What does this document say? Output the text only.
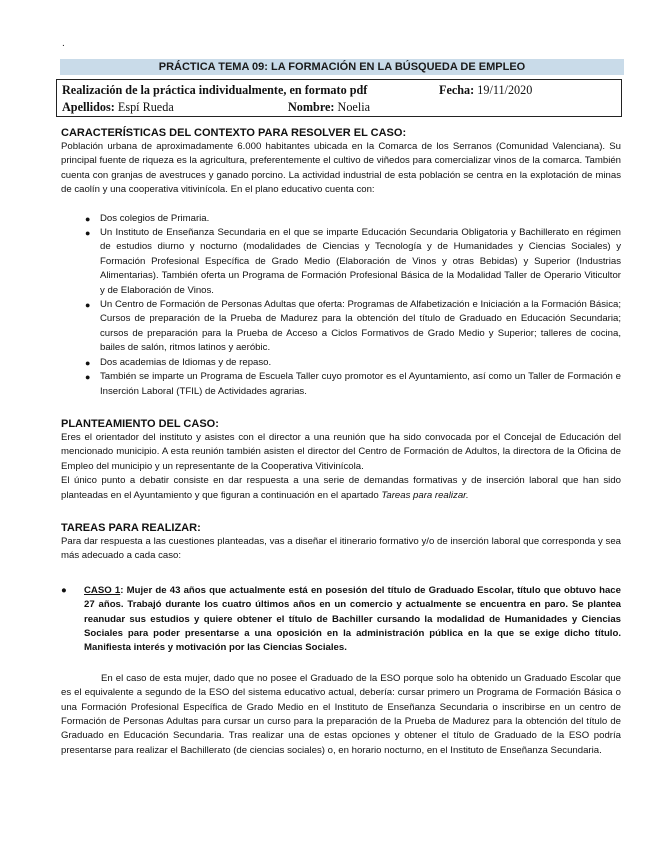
.
PRÁCTICA TEMA 09: LA FORMACIÓN EN LA BÚSQUEDA DE EMPLEO
Realización de la práctica individualmente, en formato pdf	Fecha: 19/11/2020
Apellidos: Espí Rueda	Nombre: Noelia
CARACTERÍSTICAS DEL CONTEXTO PARA RESOLVER EL CASO:

Población urbana de aproximadamente 6.000 habitantes ubicada en la Comarca de los Serranos (Comunidad Valenciana). Su principal fuente de riqueza es la agricultura, preferentemente el cultivo de viñedos para comercializar vinos de la comarca. También cuenta con granjas de avestruces y ganado porcino. La actividad industrial de esta población se centra en la explotación de minas de caolín y una cooperativa vitivinícola. En el plano educativo cuenta con:

● Dos colegios de Primaria.
● Un Instituto de Enseñanza Secundaria en el que se imparte Educación Secundaria Obligatoria y Bachillerato en régimen de estudios diurno y nocturno (modalidades de Ciencias y Tecnología y de Humanidades y Ciencias Sociales) y Formación Profesional Específica de Grado Medio (Elaboración de Vinos y otras Bebidas) y Superior (Industrias Alimentarias). También oferta un Programa de Formación Profesional Básica de la Modalidad Taller de Operario Viticultor y de Elaboración de Vinos.
● Un Centro de Formación de Personas Adultas que oferta: Programas de Alfabetización e Iniciación a la Formación Básica; Cursos de preparación de la Prueba de Madurez para la obtención del título de Graduado en Educación Secundaria; cursos de preparación para la Prueba de Acceso a Ciclos Formativos de Grado Medio y Superior; talleres de cocina, bailes de salón, ritmos latinos y aeróbic.
● Dos academias de Idiomas y de repaso.
● También se imparte un Programa de Escuela Taller cuyo promotor es el Ayuntamiento, así como un Taller de Formación e Inserción Laboral (TFIL) de Actividades agrarias.
PLANTEAMIENTO DEL CASO:

Eres el orientador del instituto y asistes con el director a una reunión que ha sido convocada por el Concejal de Educación del mencionado municipio. A esta reunión también asisten el director del Centro de Formación de Adultos, la directora de la Oficina de Empleo del municipio y un representante de la Cooperativa Vitivinícola.

El único punto a debatir consiste en dar respuesta a una serie de demandas formativas y de inserción laboral que han sido planteadas en el Ayuntamiento y que figuran a continuación en el apartado Tareas para realizar.

TAREAS PARA REALIZAR:

Para dar respuesta a las cuestiones planteadas, vas a diseñar el itinerario formativo y/o de inserción laboral que corresponda y sea más adecuado a cada caso:

● CASO 1: Mujer de 43 años que actualmente está en posesión del título de Graduado Escolar, título que obtuvo hace 27 años. Trabajó durante los cuatro últimos años en un comercio y actualmente se encuentra en paro. Se plantea reanudar sus estudios y quiere obtener el título de Bachiller cursando la modalidad de Humanidades y Ciencias Sociales para poder presentarse a una oposición en la administración pública en la que se exige dicho título. Manifiesta interés y motivación por las Ciencias Sociales.

En el caso de esta mujer, dado que no posee el Graduado de la ESO porque solo ha obtenido un Graduado Escolar que es el equivalente a segundo de la ESO del sistema educativo actual, debería: cursar primero un Programa de Formación Básica o una Formación Profesional Específica de Grado Medio en el Instituto de Enseñanza Secundaria o inscribirse en un centro de Formación de Personas Adultas para cursar un curso para la preparación de la Prueba de Madurez para la obtención del título de Graduado en Educación Secundaria. Tras realizar una de estas opciones y obtener el título de Graduado de la ESO podría presentarse para realizar el Bachillerato (de ciencias sociales) o, en horario nocturno, en el Instituto de Enseñanza Secundaria.
